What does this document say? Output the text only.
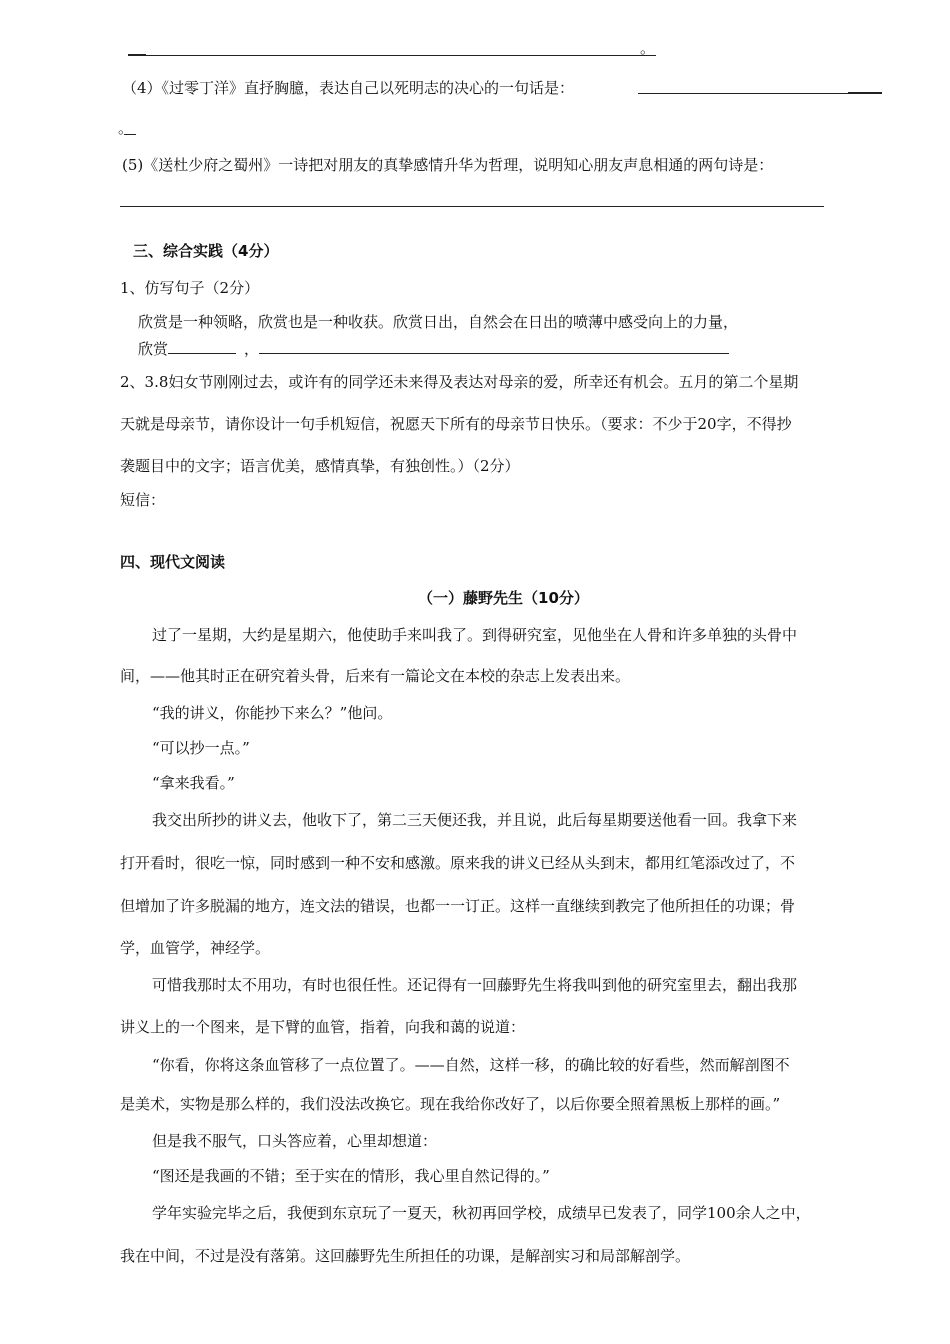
。
（4）《过零丁洋》直抒胸臆，表达自己以死明志的决心的一句话是：
。
(5)《送杜少府之蜀州》一诗把对朋友的真挚感情升华为哲理，说明知心朋友声息相通的两句诗是：
三、综合实践（4分）
1、仿写句子（2分）
欣赏是一种领略，欣赏也是一种收获。欣赏日出，自然会在日出的喷薄中感受向上的力量，
欣赏	，
2、3.8妇女节刚刚过去，或许有的同学还未来得及表达对母亲的爱，所幸还有机会。五月的第二个星期
天就是母亲节，请你设计一句手机短信，祝愿天下所有的母亲节日快乐。（要求：不少于20字，不得抄
袭题目中的文字；语言优美，感情真挚，有独创性。）（2分）
短信：
四、现代文阅读
（一）藤野先生（10分）
过了一星期，大约是星期六，他使助手来叫我了。到得研究室，见他坐在人骨和许多单独的头骨中
间，——他其时正在研究着头骨，后来有一篇论文在本校的杂志上发表出来。
“我的讲义，你能抄下来么？”他问。
“可以抄一点。”
“拿来我看。”
我交出所抄的讲义去，他收下了，第二三天便还我，并且说，此后每星期要送他看一回。我拿下来
打开看时，很吃一惊，同时感到一种不安和感激。原来我的讲义已经从头到末，都用红笔添改过了，不
但增加了许多脱漏的地方，连文法的错误，也都一一订正。这样一直继续到教完了他所担任的功课；骨
学，血管学，神经学。
可惜我那时太不用功，有时也很任性。还记得有一回藤野先生将我叫到他的研究室里去，翻出我那
讲义上的一个图来，是下臂的血管，指着，向我和蔼的说道：
“你看，你将这条血管移了一点位置了。——自然，这样一移，的确比较的好看些，然而解剖图不
是美术，实物是那么样的，我们没法改换它。现在我给你改好了，以后你要全照着黑板上那样的画。”
但是我不服气，口头答应着，心里却想道：
“图还是我画的不错；至于实在的情形，我心里自然记得的。”
学年实验完毕之后，我便到东京玩了一夏天，秋初再回学校，成绩早已发表了，同学100余人之中，
我在中间，不过是没有落第。这回藤野先生所担任的功课，是解剖实习和局部解剖学。
